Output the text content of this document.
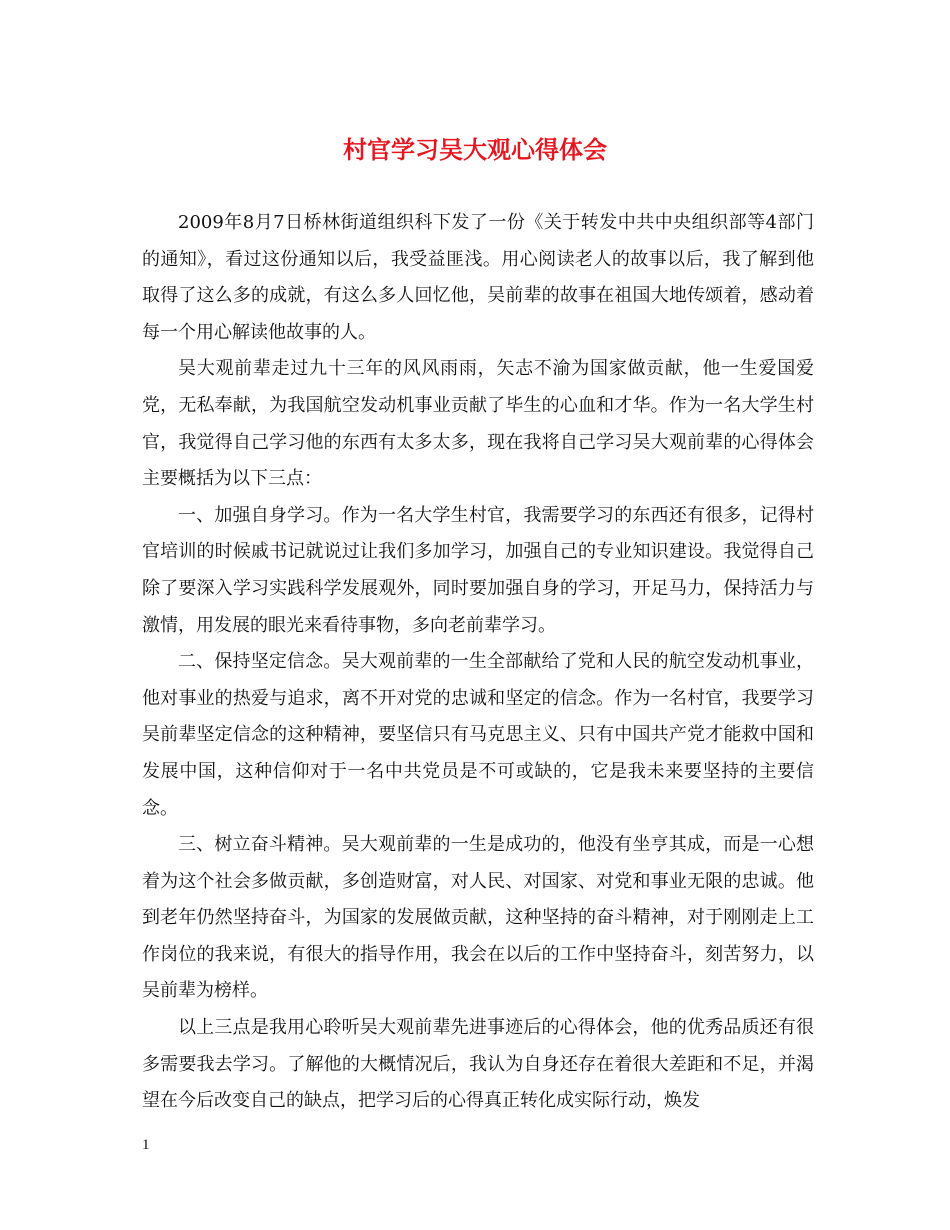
村官学习吴大观心得体会

2009年8月7日桥林街道组织科下发了一份《关于转发中共中央组织部等4部门的通知》，看过这份通知以后，我受益匪浅。用心阅读老人的故事以后，我了解到他取得了这么多的成就，有这么多人回忆他，吴前辈的故事在祖国大地传颂着，感动着每一个用心解读他故事的人。

吴大观前辈走过九十三年的风风雨雨，矢志不渝为国家做贡献，他一生爱国爱党，无私奉献，为我国航空发动机事业贡献了毕生的心血和才华。作为一名大学生村官，我觉得自己学习他的东西有太多太多，现在我将自己学习吴大观前辈的心得体会主要概括为以下三点：

一、加强自身学习。作为一名大学生村官，我需要学习的东西还有很多，记得村官培训的时候戚书记就说过让我们多加学习，加强自己的专业知识建设。我觉得自己除了要深入学习实践科学发展观外，同时要加强自身的学习，开足马力，保持活力与激情，用发展的眼光来看待事物，多向老前辈学习。

二、保持坚定信念。吴大观前辈的一生全部献给了党和人民的航空发动机事业，他对事业的热爱与追求，离不开对党的忠诚和坚定的信念。作为一名村官，我要学习吴前辈坚定信念的这种精神，要坚信只有马克思主义、只有中国共产党才能救中国和发展中国，这种信仰对于一名中共党员是不可或缺的，它是我未来要坚持的主要信念。

三、树立奋斗精神。吴大观前辈的一生是成功的，他没有坐亨其成，而是一心想着为这个社会多做贡献，多创造财富，对人民、对国家、对党和事业无限的忠诚。他到老年仍然坚持奋斗，为国家的发展做贡献，这种坚持的奋斗精神，对于刚刚走上工作岗位的我来说，有很大的指导作用，我会在以后的工作中坚持奋斗，刻苦努力，以吴前辈为榜样。

以上三点是我用心聆听吴大观前辈先进事迹后的心得体会，他的优秀品质还有很多需要我去学习。了解他的大概情况后，我认为自身还存在着很大差距和不足，并渴望在今后改变自己的缺点，把学习后的心得真正转化成实际行动，焕发

1
